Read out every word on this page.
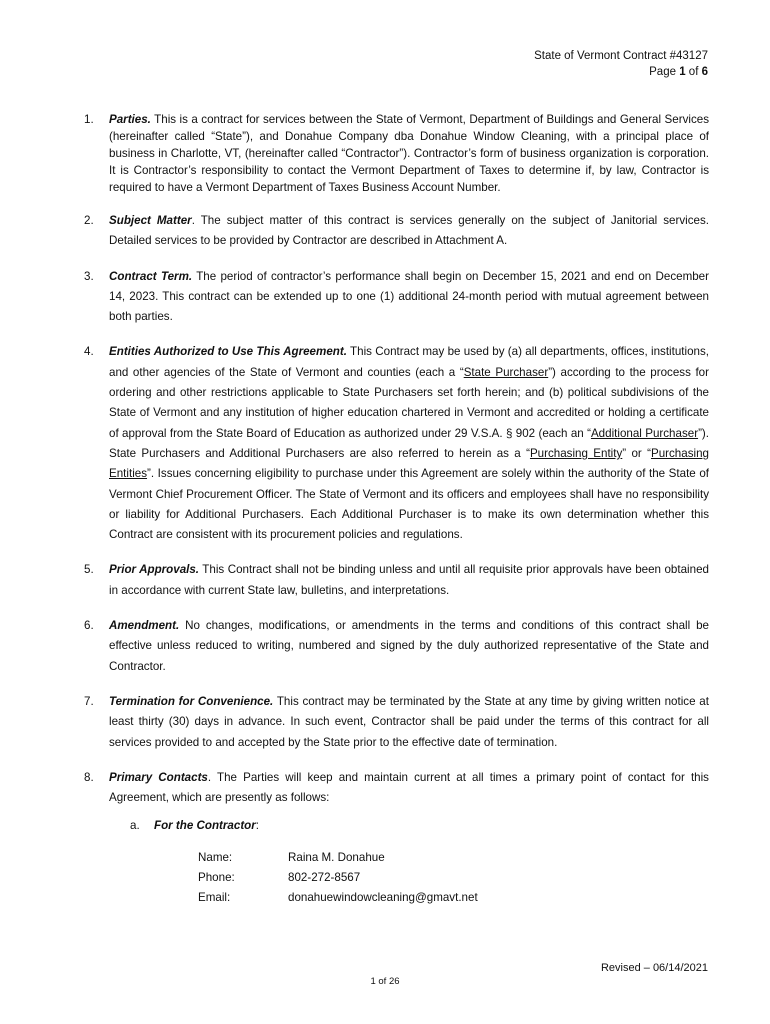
State of Vermont Contract #43127
Page 1 of 6
1. Parties. This is a contract for services between the State of Vermont, Department of Buildings and General Services (hereinafter called “State”), and Donahue Company dba Donahue Window Cleaning, with a principal place of business in Charlotte, VT, (hereinafter called “Contractor”). Contractor’s form of business organization is corporation. It is Contractor’s responsibility to contact the Vermont Department of Taxes to determine if, by law, Contractor is required to have a Vermont Department of Taxes Business Account Number.
2. Subject Matter. The subject matter of this contract is services generally on the subject of Janitorial services. Detailed services to be provided by Contractor are described in Attachment A.
3. Contract Term. The period of contractor’s performance shall begin on December 15, 2021 and end on December 14, 2023. This contract can be extended up to one (1) additional 24-month period with mutual agreement between both parties.
4. Entities Authorized to Use This Agreement. This Contract may be used by (a) all departments, offices, institutions, and other agencies of the State of Vermont and counties (each a “State Purchaser”) according to the process for ordering and other restrictions applicable to State Purchasers set forth herein; and (b) political subdivisions of the State of Vermont and any institution of higher education chartered in Vermont and accredited or holding a certificate of approval from the State Board of Education as authorized under 29 V.S.A. § 902 (each an “Additional Purchaser”). State Purchasers and Additional Purchasers are also referred to herein as a “Purchasing Entity” or “Purchasing Entities”. Issues concerning eligibility to purchase under this Agreement are solely within the authority of the State of Vermont Chief Procurement Officer. The State of Vermont and its officers and employees shall have no responsibility or liability for Additional Purchasers. Each Additional Purchaser is to make its own determination whether this Contract are consistent with its procurement policies and regulations.
5. Prior Approvals. This Contract shall not be binding unless and until all requisite prior approvals have been obtained in accordance with current State law, bulletins, and interpretations.
6. Amendment. No changes, modifications, or amendments in the terms and conditions of this contract shall be effective unless reduced to writing, numbered and signed by the duly authorized representative of the State and Contractor.
7. Termination for Convenience. This contract may be terminated by the State at any time by giving written notice at least thirty (30) days in advance. In such event, Contractor shall be paid under the terms of this contract for all services provided to and accepted by the State prior to the effective date of termination.
8. Primary Contacts. The Parties will keep and maintain current at all times a primary point of contact for this Agreement, which are presently as follows:
a. For the Contractor:
Name:	Raina M. Donahue
Phone:	802-272-8567
Email:	donahuewindowcleaning@gmavt.net
Revised – 06/14/2021
1 of 26
